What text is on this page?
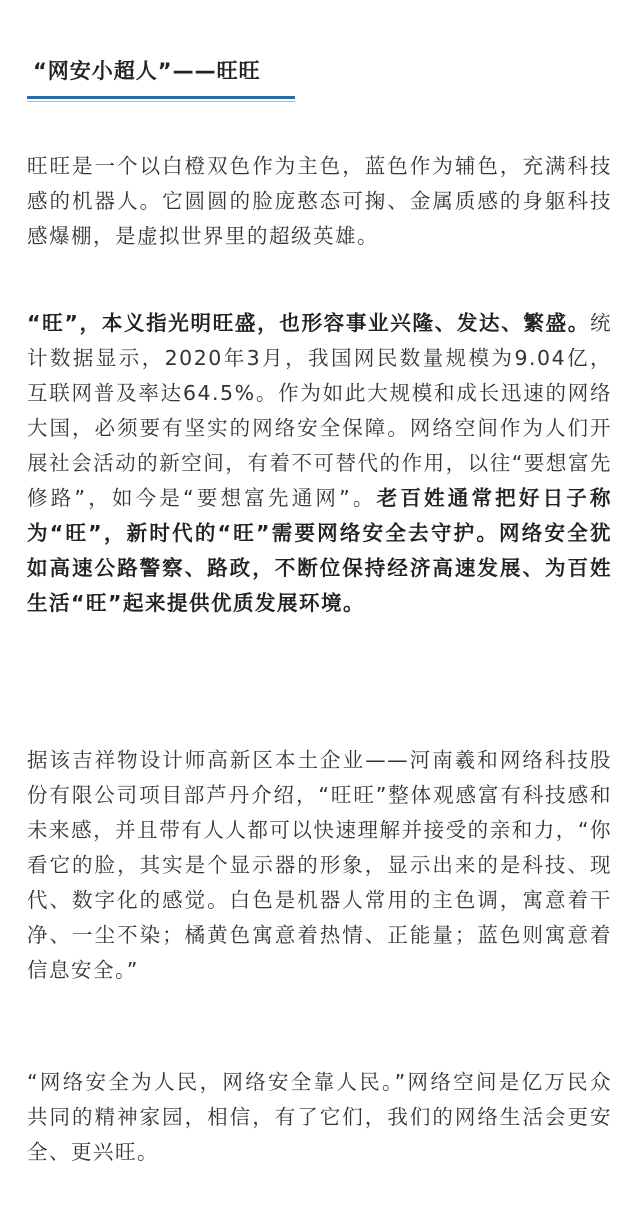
“网安小超人”——旺旺

旺旺是一个以白橙双色作为主色，蓝色作为辅色，充满科技感的机器人。它圆圆的脸庞憨态可掬、金属质感的身躯科技感爆棚，是虚拟世界里的超级英雄。

“旺”，本义指光明旺盛，也形容事业兴隆、发达、繁盛。统计数据显示，2020年3月，我国网民数量规模为9.04亿，互联网普及率达64.5%。作为如此大规模和成长迅速的网络大国，必须要有坚实的网络安全保障。网络空间作为人们开展社会活动的新空间，有着不可替代的作用，以往“要想富先修路”，如今是“要想富先通网”。老百姓通常把好日子称为“旺”，新时代的“旺”需要网络安全去守护。网络安全犹如高速公路警察、路政，不断位保持经济高速发展、为百姓生活“旺”起来提供优质发展环境。

据该吉祥物设计师高新区本土企业——河南羲和网络科技股份有限公司项目部芦丹介绍，“旺旺”整体观感富有科技感和未来感，并且带有人人都可以快速理解并接受的亲和力，“你看它的脸，其实是个显示器的形象，显示出来的是科技、现代、数字化的感觉。白色是机器人常用的主色调，寓意着干净、一尘不染；橘黄色寓意着热情、正能量；蓝色则寓意着信息安全。”

“网络安全为人民，网络安全靠人民。”网络空间是亿万民众共同的精神家园，相信，有了它们，我们的网络生活会更安全、更兴旺。
